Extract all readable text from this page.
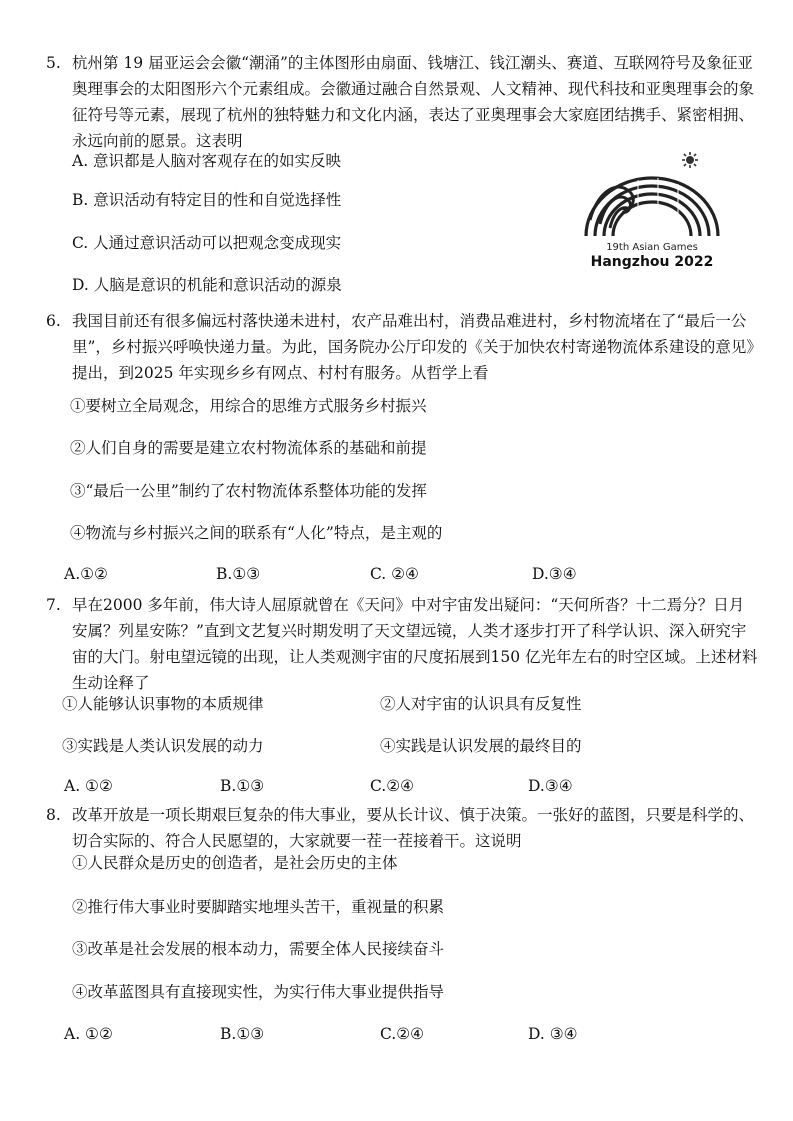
5. 杭州第 19 届亚运会会徽“潮涌”的主体图形由扇面、钱塘江、钱江潮头、赛道、互联网符号及象征亚奥理事会的太阳图形六个元素组成。会徽通过融合自然景观、人文精神、现代科技和亚奥理事会的象征符号等元素，展现了杭州的独特魅力和文化内涵，表达了亚奥理事会大家庭团结携手、紧密相拥、永远向前的愿景。这表明
A. 意识都是人脑对客观存在的如实反映
B. 意识活动有特定目的性和自觉选择性
C. 人通过意识活动可以把观念变成现实
D. 人脑是意识的机能和意识活动的源泉
19th Asian Games
Hangzhou 2022
6. 我国目前还有很多偏远村落快递未进村，农产品难出村，消费品难进村，乡村物流堵在了“最后一公里”，乡村振兴呼唤快递力量。为此，国务院办公厅印发的《关于加快农村寄递物流体系建设的意见》提出，到2025 年实现乡乡有网点、村村有服务。从哲学上看
①要树立全局观念，用综合的思维方式服务乡村振兴
②人们自身的需要是建立农村物流体系的基础和前提
③“最后一公里”制约了农村物流体系整体功能的发挥
④物流与乡村振兴之间的联系有“人化”特点，是主观的
A.①②	B.①③	C. ②④	D.③④
7. 早在2000 多年前，伟大诗人屈原就曾在《天问》中对宇宙发出疑问：“天何所沓？十二焉分？日月安属？列星安陈？”直到文艺复兴时期发明了天文望远镜，人类才逐步打开了科学认识、深入研究宇宙的大门。射电望远镜的出现，让人类观测宇宙的尺度拓展到150 亿光年左右的时空区域。上述材料生动诠释了
①人能够认识事物的本质规律	②人对宇宙的认识具有反复性
③实践是人类认识发展的动力	④实践是认识发展的最终目的
A. ①②	B.①③	C.②④	D.③④
8. 改革开放是一项长期艰巨复杂的伟大事业，要从长计议、慎于决策。一张好的蓝图，只要是科学的、切合实际的、符合人民愿望的，大家就要一茬一茬接着干。这说明
①人民群众是历史的创造者，是社会历史的主体
②推行伟大事业时要脚踏实地埋头苦干，重视量的积累
③改革是社会发展的根本动力，需要全体人民接续奋斗
④改革蓝图具有直接现实性，为实行伟大事业提供指导
A. ①②	B.①③	C.②④	D. ③④
